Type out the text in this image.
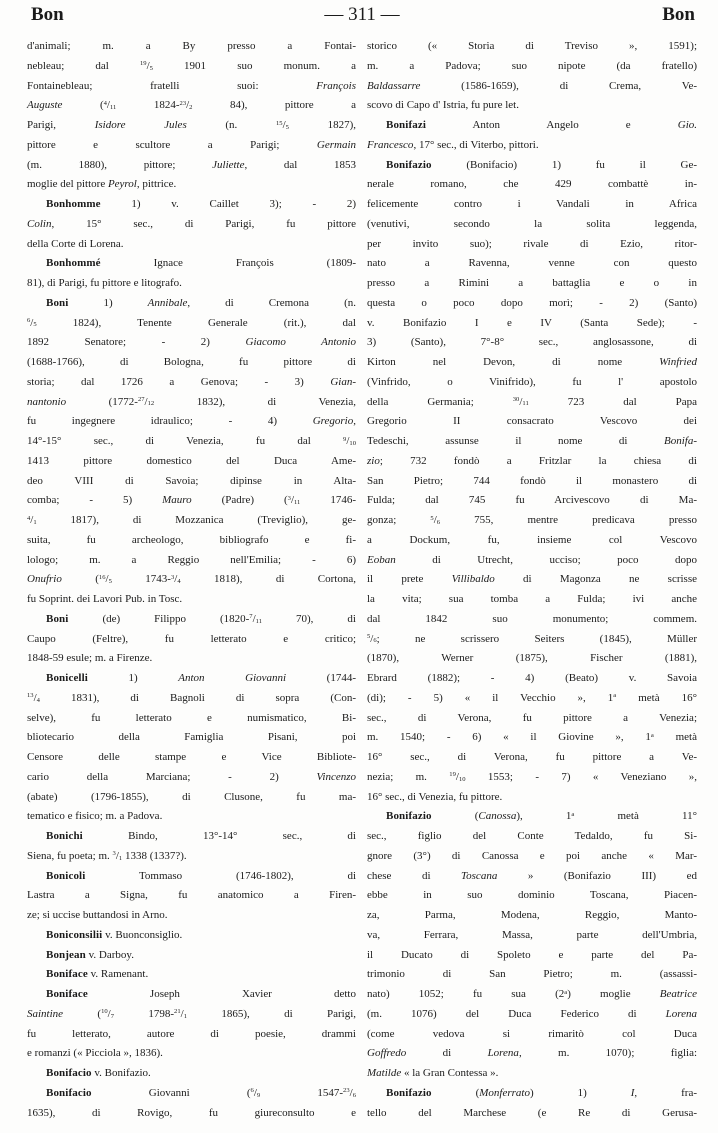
Bon	— 311 —	Bon
d'animali; m. a By presso a Fontai-
nebleau; dal $^{19}$/5 1901 suo monum. a
Fontainebleau; fratelli suoi: François
Auguste ($^4$/11 1824-$^{23}$/2 84), pittore a
Parigi, Isidore Jules (n. $^{15}$/5 1827),
pittore e scultore a Parigi; Germain
(m. 1880), pittore; Juliette, dal 1853
moglie del pittore Peyrol, pittrice.
Bonhomme 1) v. Caillet 3); - 2)
Colin, 15° sec., di Parigi, fu pittore
della Corte di Lorena.
Bonhommé Ignace François (1809-
81), di Parigi, fu pittore e litografo.
Boni 1) Annibale, di Cremona (n.
$^6$/5 1824), Tenente Generale (rit.), dal
1892 Senatore; - 2) Giacomo Antonio
(1688-1766), di Bologna, fu pittore di
storia; dal 1726 a Genova; - 3) Gian-
nantonio (1772-$^{27}$/12 1832), di Venezia,
fu ingegnere idraulico; - 4) Gregorio,
14°-15° sec., di Venezia, fu dal $^9$/10
1413 pittore domestico del Duca Ame-
deo VIII di Savoia; dipinse in Alta-
comba; - 5) Mauro (Padre) ($^3$/11 1746-
$^4$/1 1817), di Mozzanica (Treviglio), ge-
suita, fu archeologo, bibliografo e fi-
lologo; m. a Reggio nell'Emilia; - 6)
Onufrio ($^{16}$/5 1743-$^3$/4 1818), di Cortona,
fu Soprint. dei Lavori Pub. in Tosc.
Boni (de) Filippo (1820-$^7$/11 70), di
Caupo (Feltre), fu letterato e critico;
1848-59 esule; m. a Firenze.
Bonicelli 1) Anton Giovanni (1744-
$^{13}$/4 1831), di Bagnoli di sopra (Con-
selve), fu letterato e numismatico, Bi-
bliotecario della Famiglia Pisani, poi
Censore delle stampe e Vice Bibliote-
cario della Marciana; - 2) Vincenzo
(abate) (1796-1855), di Clusone, fu ma-
tematico e fisico; m. a Padova.
Bonichi Bindo, 13°-14° sec., di
Siena, fu poeta; m. $^3$/1 1338 (1337?).
Bonicoli Tommaso (1746-1802), di
Lastra a Signa, fu anatomico a Firen-
ze; si uccise buttandosi in Arno.
Boniconsilii v. Buonconsiglio.
Bonjean v. Darboy.
Boniface v. Ramenant.
Boniface Joseph Xavier detto
Saintine ($^{10}$/7 1798-$^{21}$/1 1865), di Parigi,
fu letterato, autore di poesie, drammi
e romanzi (« Picciola », 1836).
Bonifacio v. Bonifazio.
Bonifacio Giovanni ($^6$/9 1547-$^{23}$/6
1635), di Rovigo, fu giureconsulto e
storico (« Storia di Treviso », 1591);
m. a Padova; suo nipote (da fratello)
Baldassarre (1586-1659), di Crema, Ve-
scovo di Capo d' Istria, fu pure let.
Bonifazi Anton Angelo e Gio.
Francesco, 17° sec., di Viterbo, pittori.
Bonifazio (Bonifacio) 1) fu il Ge-
nerale romano, che 429 combattè in-
felicemente contro i Vandali in Africa
(venutivi, secondo la solita leggenda,
per invito suo); rivale di Ezio, ritor-
nato a Ravenna, venne con questo
presso a Rimini a battaglia e o in
questa o poco dopo morì; - 2) (Santo)
v. Bonifazio I e IV (Santa Sede); -
3) (Santo), 7°-8° sec., anglosassone, di
Kirton nel Devon, di nome Winfried
(Vinfrido, o Vinifrido), fu l' apostolo
della Germania; $^{30}$/11 723 dal Papa
Gregorio II consacrato Vescovo dei
Tedeschi, assunse il nome di Bonifa-
zio; 732 fondò a Fritzlar la chiesa di
San Pietro; 744 fondò il monastero di
Fulda; dal 745 fu Arcivescovo di Ma-
gonza; $^5$/6 755, mentre predicava presso
a Dockum, fu, insieme col Vescovo
Eoban di Utrecht, ucciso; poco dopo
il prete Villibaldo di Magonza ne scrisse
la vita; sua tomba a Fulda; ivi anche
dal 1842 suo monumento; commem.
$^5$/6; ne scrissero Seiters (1845), Müller
(1870), Werner (1875), Fischer (1881),
Ebrard (1882); - 4) (Beato) v. Savoia
(di); - 5) « il Vecchio », 1$^a$ metà 16°
sec., di Verona, fu pittore a Venezia;
m. 1540; - 6) « il Giovine », 1$^a$ metà
16° sec., di Verona, fu pittore a Ve-
nezia; m. $^{19}$/10 1553; - 7) « Veneziano »,
16° sec., di Venezia, fu pittore.
Bonifazio (Canossa), 1$^a$ metà 11°
sec., figlio del Conte Tedaldo, fu Si-
gnore (3°) di Canossa e poi anche « Mar-
chese di Toscana » (Bonifazio III) ed
ebbe in suo dominio Toscana, Piacen-
za, Parma, Modena, Reggio, Manto-
va, Ferrara, Massa, parte dell'Umbria,
il Ducato di Spoleto e parte del Pa-
trimonio di San Pietro; m. (assassi-
nato) 1052; fu sua (2$^a$) moglie Beatrice
(m. 1076) del Duca Federico di Lorena
(come vedova si rimaritò col Duca
Goffredo di Lorena, m. 1070); figlia:
Matilde « la Gran Contessa ».
Bonifazio (Monferrato) 1) I, fra-
tello del Marchese (e Re di Gerusa-
